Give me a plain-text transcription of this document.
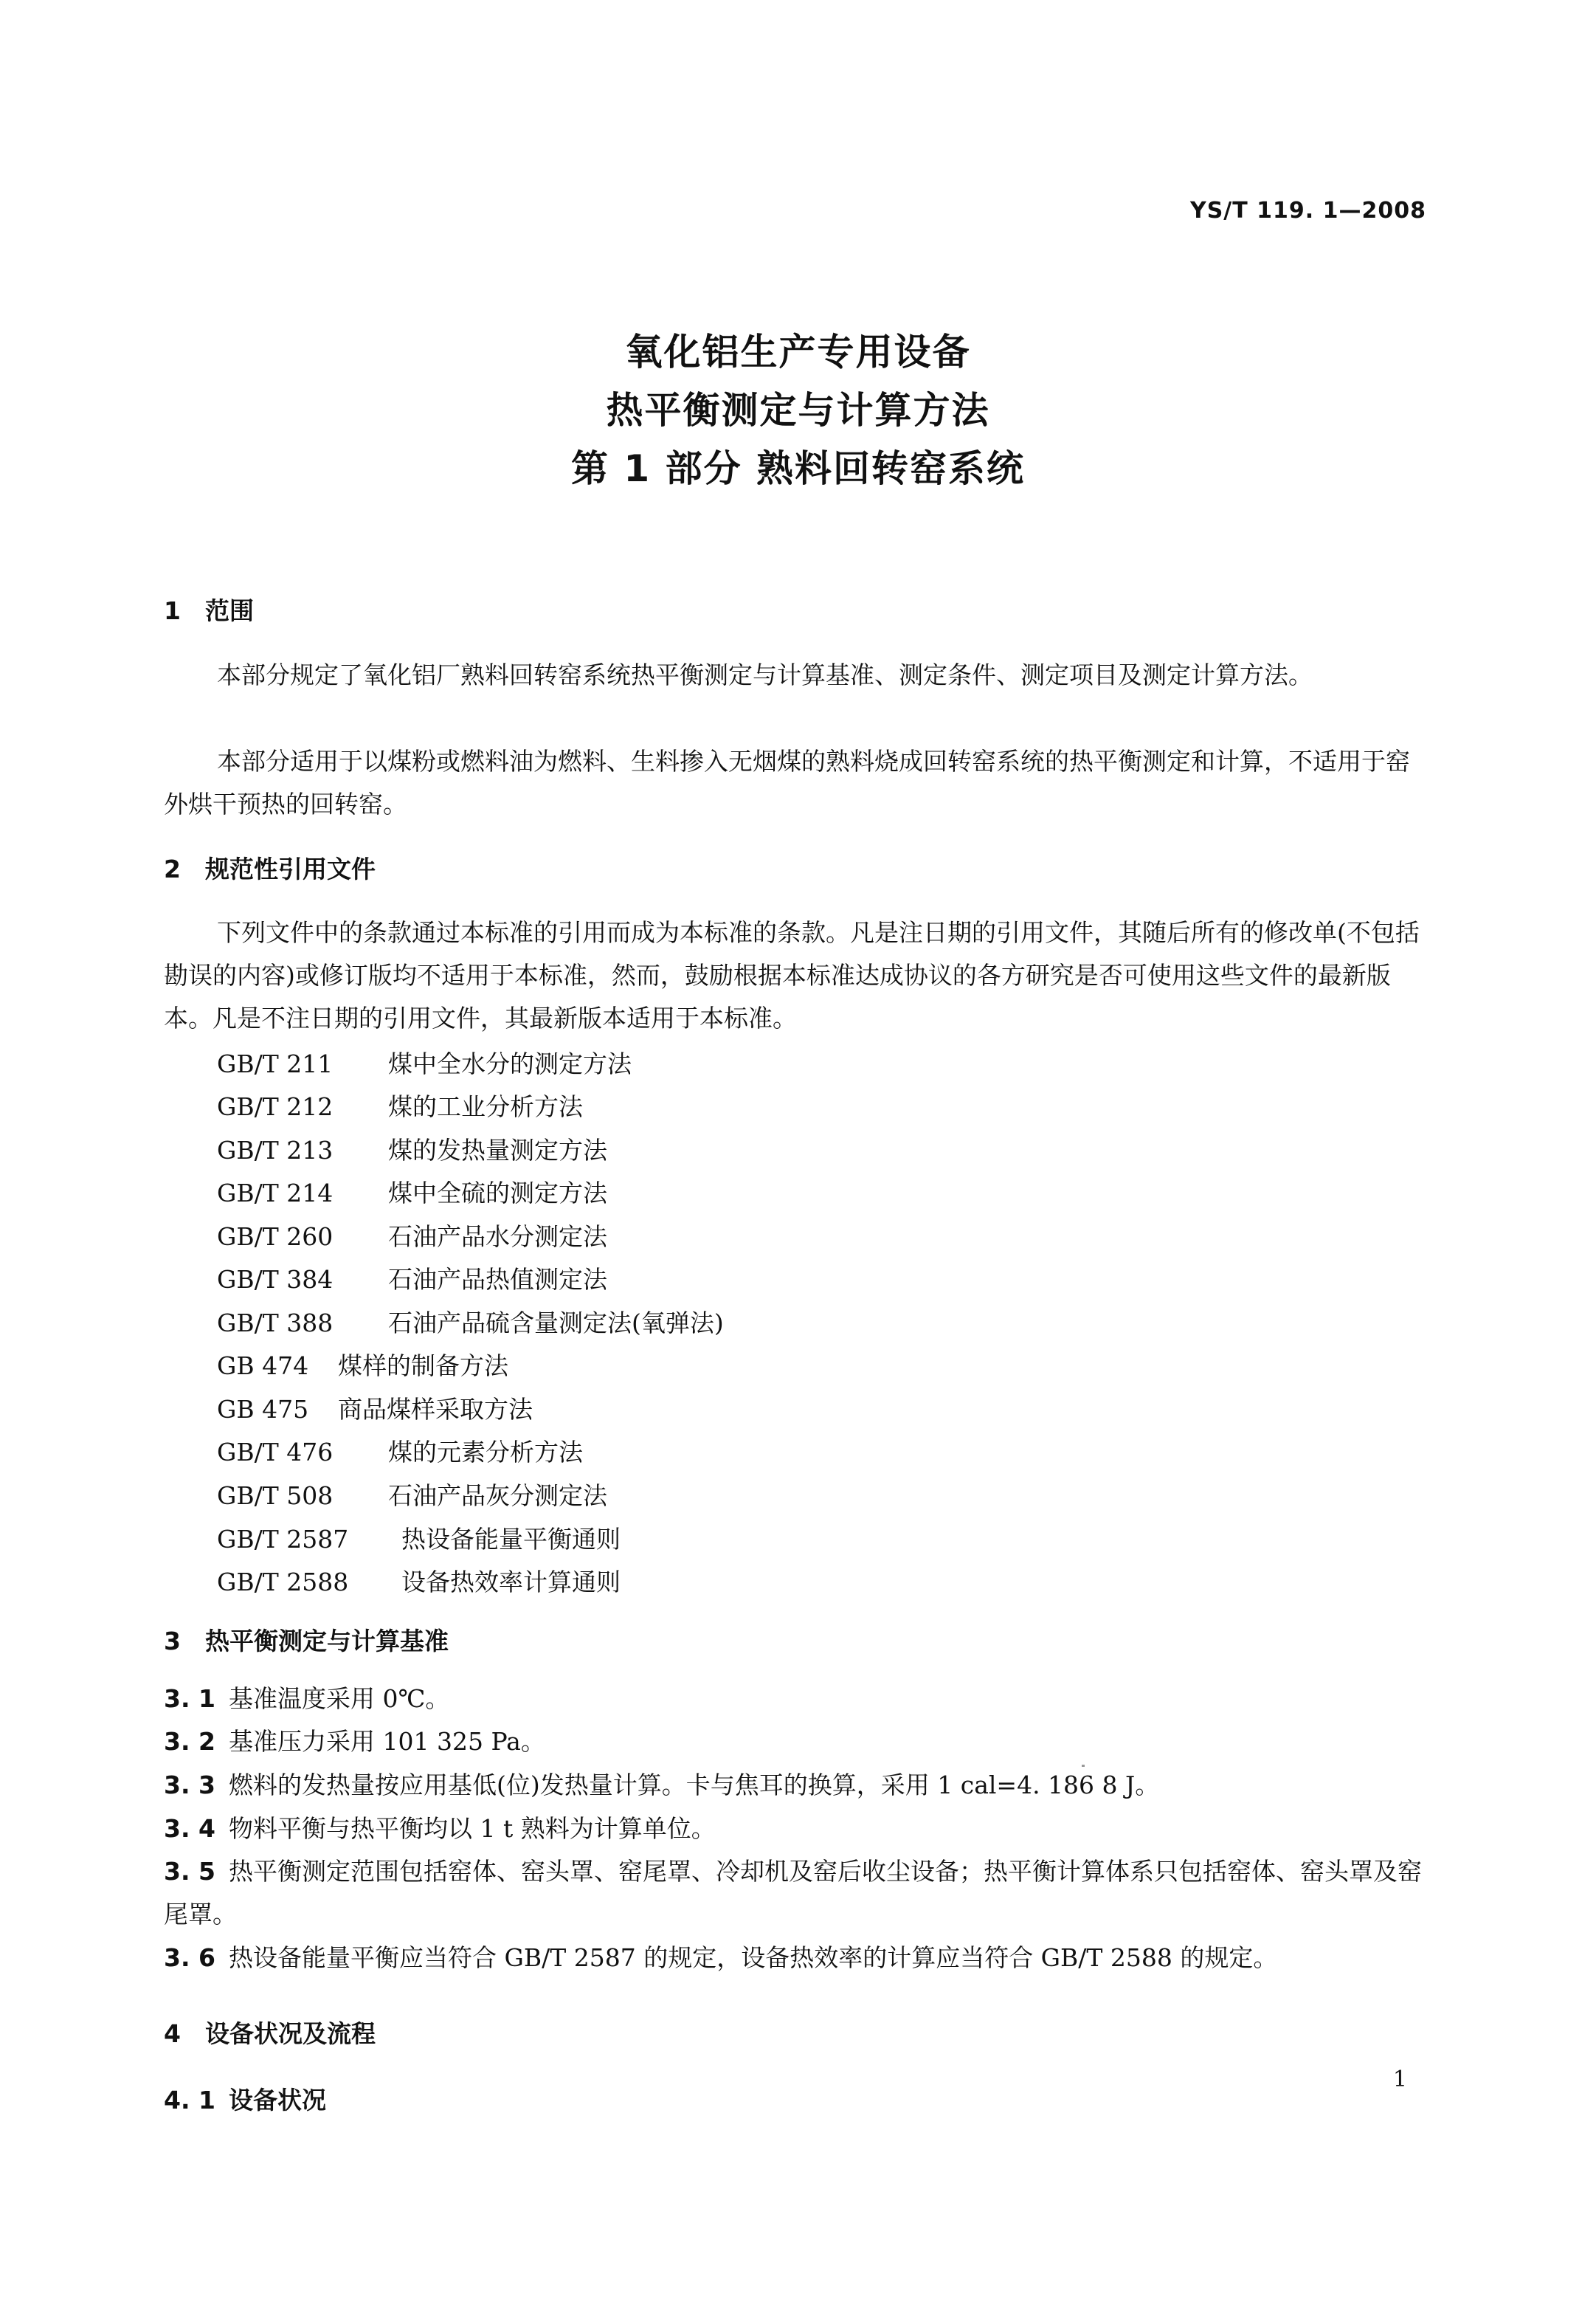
YS/T 119. 1—2008
氧化铝生产专用设备
热平衡测定与计算方法
第 1 部分 熟料回转窑系统
1 范围
本部分规定了氧化铝厂熟料回转窑系统热平衡测定与计算基准、测定条件、测定项目及测定计算方法。
本部分适用于以煤粉或燃料油为燃料、生料掺入无烟煤的熟料烧成回转窑系统的热平衡测定和计算，不适用于窑外烘干预热的回转窑。
2 规范性引用文件
下列文件中的条款通过本标准的引用而成为本标准的条款。凡是注日期的引用文件，其随后所有的修改单(不包括勘误的内容)或修订版均不适用于本标准，然而，鼓励根据本标准达成协议的各方研究是否可使用这些文件的最新版本。凡是不注日期的引用文件，其最新版本适用于本标准。
GB/T 211 煤中全水分的测定方法
GB/T 212 煤的工业分析方法
GB/T 213 煤的发热量测定方法
GB/T 214 煤中全硫的测定方法
GB/T 260 石油产品水分测定法
GB/T 384 石油产品热值测定法
GB/T 388 石油产品硫含量测定法(氧弹法)
GB 474 煤样的制备方法
GB 475 商品煤样采取方法
GB/T 476 煤的元素分析方法
GB/T 508 石油产品灰分测定法
GB/T 2587 热设备能量平衡通则
GB/T 2588 设备热效率计算通则
3 热平衡测定与计算基准
3. 1 基准温度采用 0℃。
3. 2 基准压力采用 101 325 Pa。
3. 3 燃料的发热量按应用基低(位)发热量计算。卡与焦耳的换算，采用 1 cal=4. 186 8 J。
3. 4 物料平衡与热平衡均以 1 t 熟料为计算单位。
3. 5 热平衡测定范围包括窑体、窑头罩、窑尾罩、冷却机及窑后收尘设备；热平衡计算体系只包括窑体、窑头罩及窑尾罩。
3. 6 热设备能量平衡应当符合 GB/T 2587 的规定，设备热效率的计算应当符合 GB/T 2588 的规定。
4 设备状况及流程
4. 1 设备状况
1
